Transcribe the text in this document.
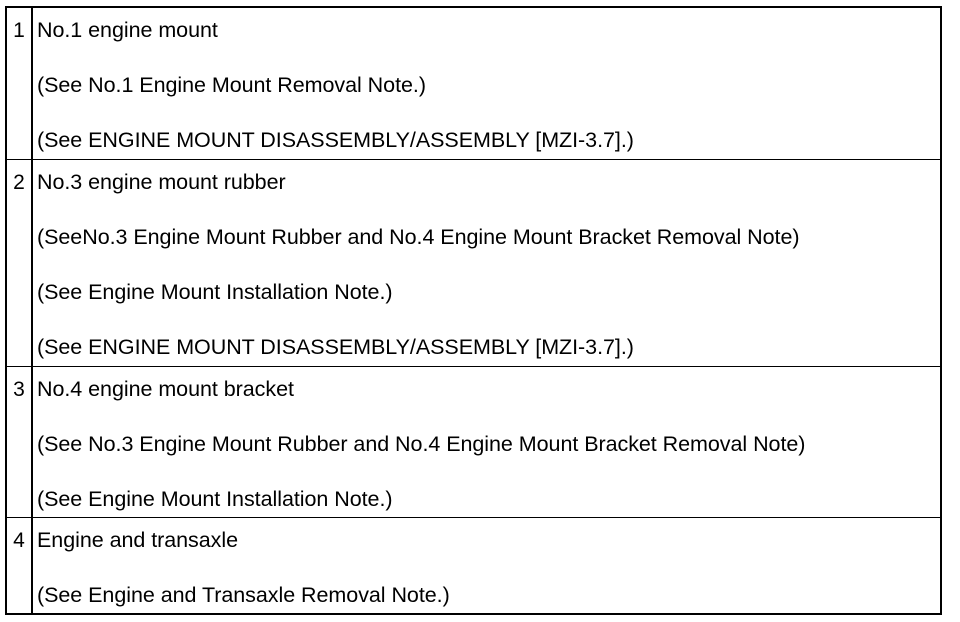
1 No.1 engine mount
(See No.1 Engine Mount Removal Note.)
(See ENGINE MOUNT DISASSEMBLY/ASSEMBLY [MZI-3.7].)
2 No.3 engine mount rubber
(SeeNo.3 Engine Mount Rubber and No.4 Engine Mount Bracket Removal Note)
(See Engine Mount Installation Note.)
(See ENGINE MOUNT DISASSEMBLY/ASSEMBLY [MZI-3.7].)
3 No.4 engine mount bracket
(See No.3 Engine Mount Rubber and No.4 Engine Mount Bracket Removal Note)
(See Engine Mount Installation Note.)
4 Engine and transaxle
(See Engine and Transaxle Removal Note.)
